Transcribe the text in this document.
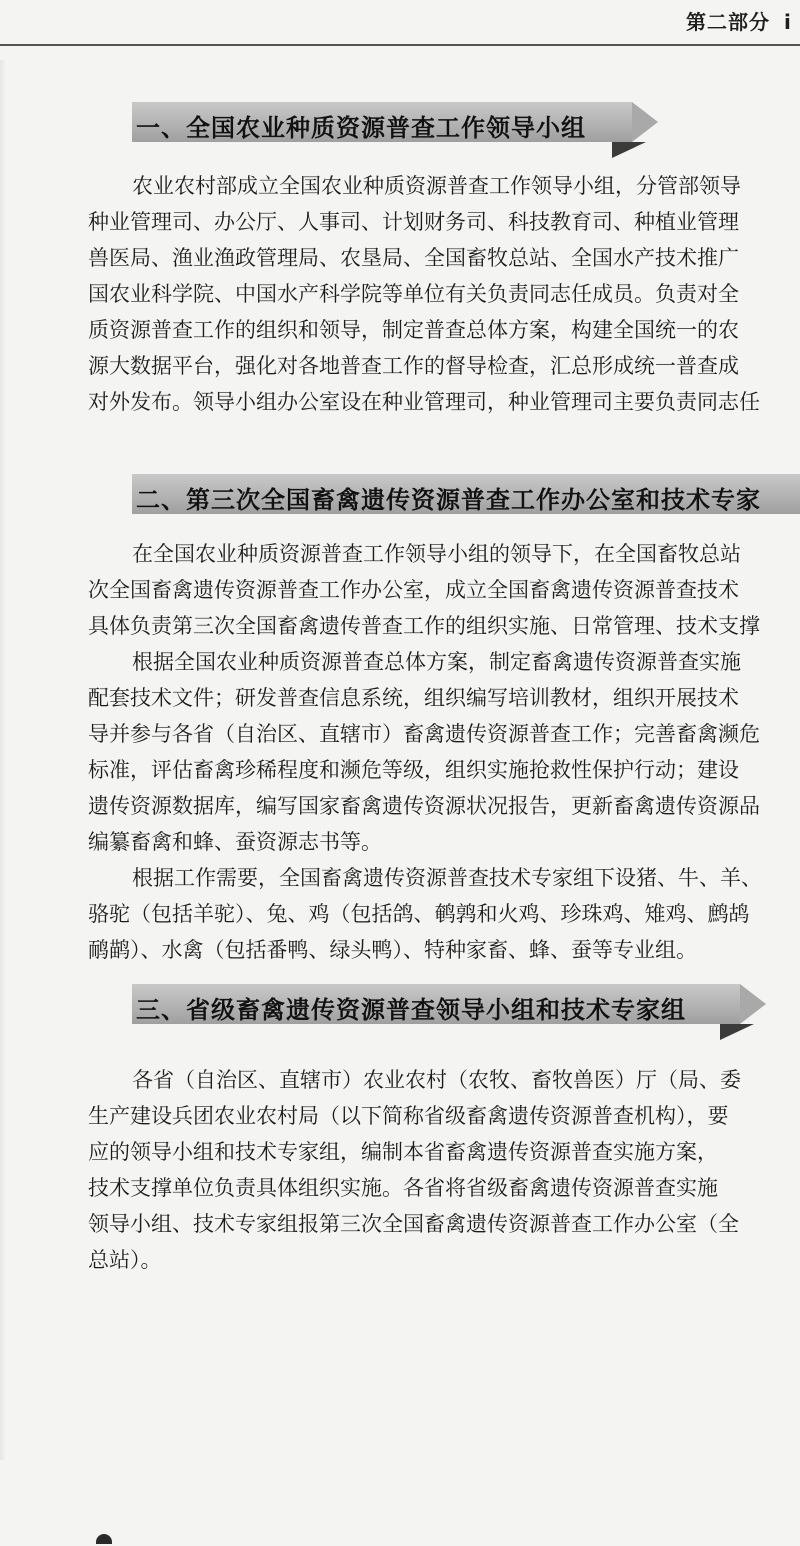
第二部分 i
一、全国农业种质资源普查工作领导小组
农业农村部成立全国农业种质资源普查工作领导小组，分管部领导
种业管理司、办公厅、人事司、计划财务司、科技教育司、种植业管理
兽医局、渔业渔政管理局、农垦局、全国畜牧总站、全国水产技术推广
国农业科学院、中国水产科学院等单位有关负责同志任成员。负责对全
质资源普查工作的组织和领导，制定普查总体方案，构建全国统一的农
源大数据平台，强化对各地普查工作的督导检查，汇总形成统一普查成
对外发布。领导小组办公室设在种业管理司，种业管理司主要负责同志任
二、第三次全国畜禽遗传资源普查工作办公室和技术专家
在全国农业种质资源普查工作领导小组的领导下，在全国畜牧总站
次全国畜禽遗传资源普查工作办公室，成立全国畜禽遗传资源普查技术
具体负责第三次全国畜禽遗传普查工作的组织实施、日常管理、技术支撑
根据全国农业种质资源普查总体方案，制定畜禽遗传资源普查实施
配套技术文件；研发普查信息系统，组织编写培训教材，组织开展技术
导并参与各省（自治区、直辖市）畜禽遗传资源普查工作；完善畜禽濒危
标准，评估畜禽珍稀程度和濒危等级，组织实施抢救性保护行动；建设
遗传资源数据库，编写国家畜禽遗传资源状况报告，更新畜禽遗传资源品
编纂畜禽和蜂、蚕资源志书等。
根据工作需要，全国畜禽遗传资源普查技术专家组下设猪、牛、羊、
骆驼（包括羊驼）、兔、鸡（包括鸽、鹌鹑和火鸡、珍珠鸡、雉鸡、鹧鸪
鸸鹋）、水禽（包括番鸭、绿头鸭）、特种家畜、蜂、蚕等专业组。
三、省级畜禽遗传资源普查领导小组和技术专家组
各省（自治区、直辖市）农业农村（农牧、畜牧兽医）厅（局、委
生产建设兵团农业农村局（以下简称省级畜禽遗传资源普查机构），要
应的领导小组和技术专家组，编制本省畜禽遗传资源普查实施方案，
技术支撑单位负责具体组织实施。各省将省级畜禽遗传资源普查实施
领导小组、技术专家组报第三次全国畜禽遗传资源普查工作办公室（全
总站）。
